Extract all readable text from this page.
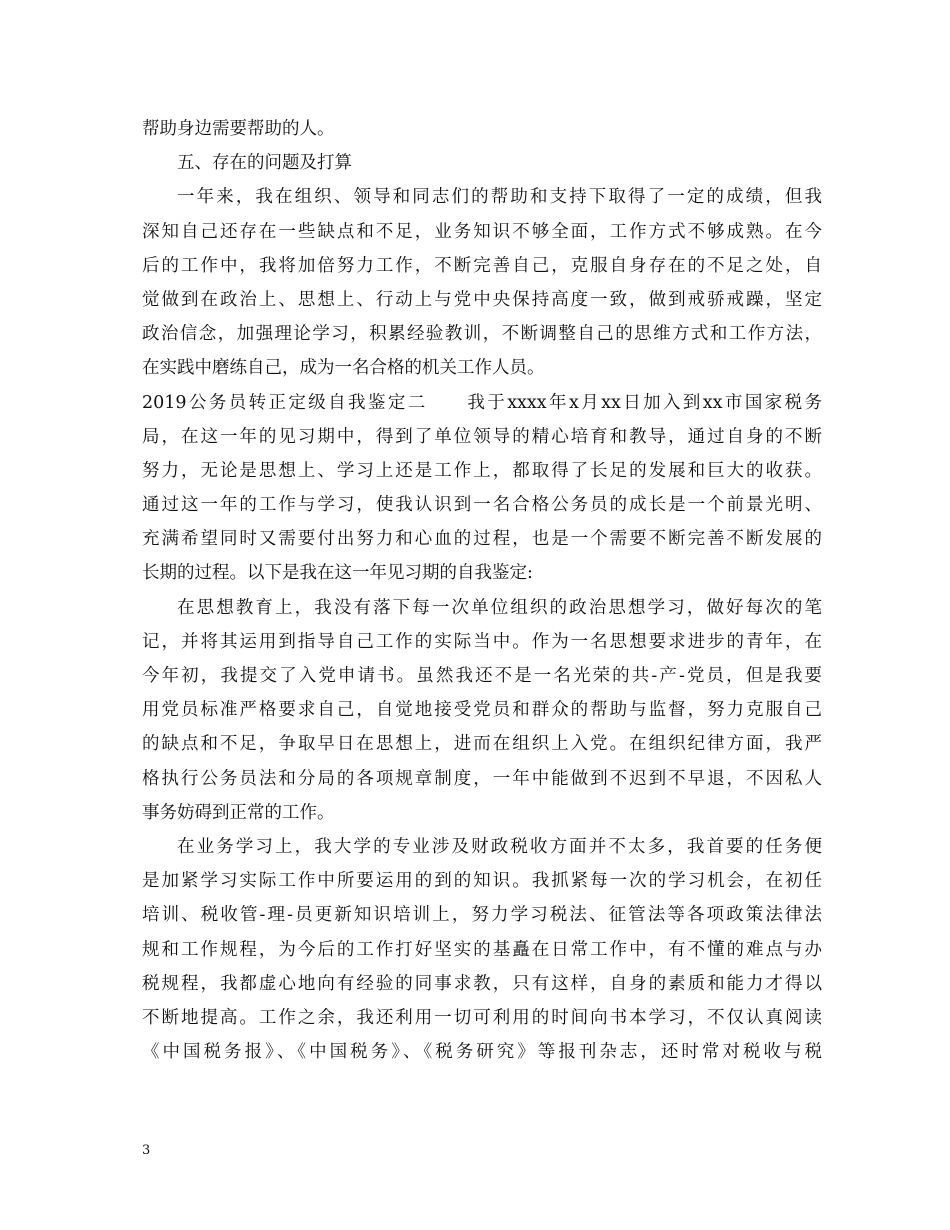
帮助身边需要帮助的人。
五、存在的问题及打算
一年来，我在组织、领导和同志们的帮助和支持下取得了一定的成绩，但我
深知自己还存在一些缺点和不足，业务知识不够全面，工作方式不够成熟。在今
后的工作中，我将加倍努力工作，不断完善自己，克服自身存在的不足之处，自
觉做到在政治上、思想上、行动上与党中央保持高度一致，做到戒骄戒躁，坚定
政治信念，加强理论学习，积累经验教训，不断调整自己的思维方式和工作方法，
在实践中磨练自己，成为一名合格的机关工作人员。
2019公务员转正定级自我鉴定二　　我于xxxx年x月xx日加入到xx市国家税务
局，在这一年的见习期中，得到了单位领导的精心培育和教导，通过自身的不断
努力，无论是思想上、学习上还是工作上，都取得了长足的发展和巨大的收获。
通过这一年的工作与学习，使我认识到一名合格公务员的成长是一个前景光明、
充满希望同时又需要付出努力和心血的过程，也是一个需要不断完善不断发展的
长期的过程。以下是我在这一年见习期的自我鉴定:
在思想教育上，我没有落下每一次单位组织的政治思想学习，做好每次的笔
记，并将其运用到指导自己工作的实际当中。作为一名思想要求进步的青年，在
今年初，我提交了入党申请书。虽然我还不是一名光荣的共-产-党员，但是我要
用党员标准严格要求自己，自觉地接受党员和群众的帮助与监督，努力克服自己
的缺点和不足，争取早日在思想上，进而在组织上入党。在组织纪律方面，我严
格执行公务员法和分局的各项规章制度，一年中能做到不迟到不早退，不因私人
事务妨碍到正常的工作。
在业务学习上，我大学的专业涉及财政税收方面并不太多，我首要的任务便
是加紧学习实际工作中所要运用的到的知识。我抓紧每一次的学习机会，在初任
培训、税收管-理-员更新知识培训上，努力学习税法、征管法等各项政策法律法
规和工作规程，为今后的工作打好坚实的基矗在日常工作中，有不懂的难点与办
税规程，我都虚心地向有经验的同事求教，只有这样，自身的素质和能力才得以
不断地提高。工作之余，我还利用一切可利用的时间向书本学习，不仅认真阅读
《中国税务报》、《中国税务》、《税务研究》等报刊杂志，还时常对税收与税
3
